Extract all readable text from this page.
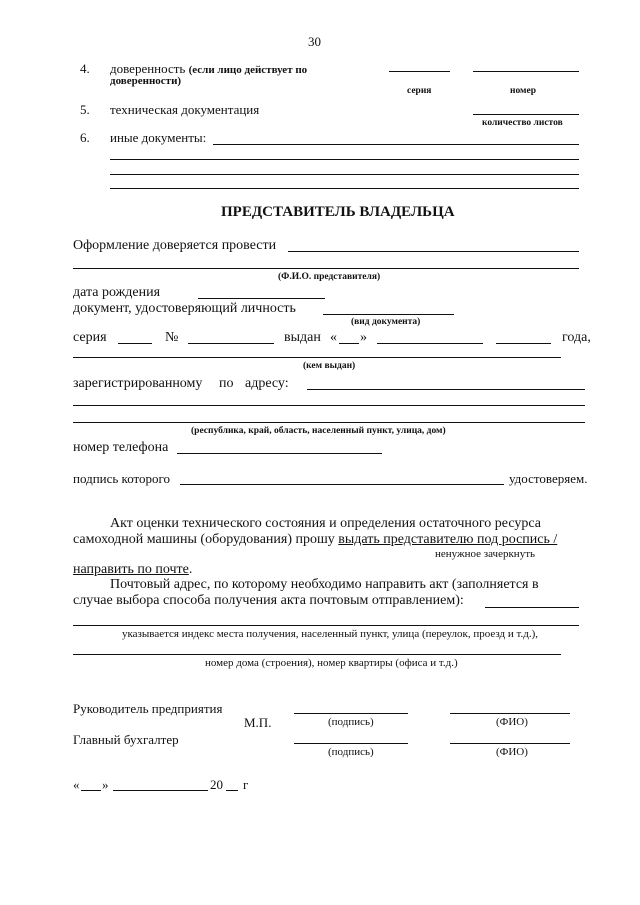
30
4. доверенность (если лицо действует по
доверенности)
серия	номер
5. техническая документация
количество листов
6. иные документы:
ПРЕДСТАВИТЕЛЬ ВЛАДЕЛЬЦА
Оформление доверяется провести
(Ф.И.О. представителя)
дата рождения
документ, удостоверяющий личность
(вид документа)
серия	№	выдан « »	года,
(кем выдан)
зарегистрированному по адресу:
(республика, край, область, населенный пункт, улица, дом)
номер телефона
подпись которого	удостоверяем.
Акт оценки технического состояния и определения остаточного ресурса
самоходной машины (оборудования) прошу выдать представителю под роспись /
ненужное зачеркнуть
направить по почте.
Почтовый адрес, по которому необходимо направить акт (заполняется в
случае выбора способа получения акта почтовым отправлением):
указывается индекс места получения, населенный пункт, улица (переулок, проезд и т.д.),
номер дома (строения), номер квартиры (офиса и т.д.)
Руководитель предприятия
М.П.	(подпись)	(ФИО)
Главный бухгалтер
(подпись)	(ФИО)
« »	20 г
